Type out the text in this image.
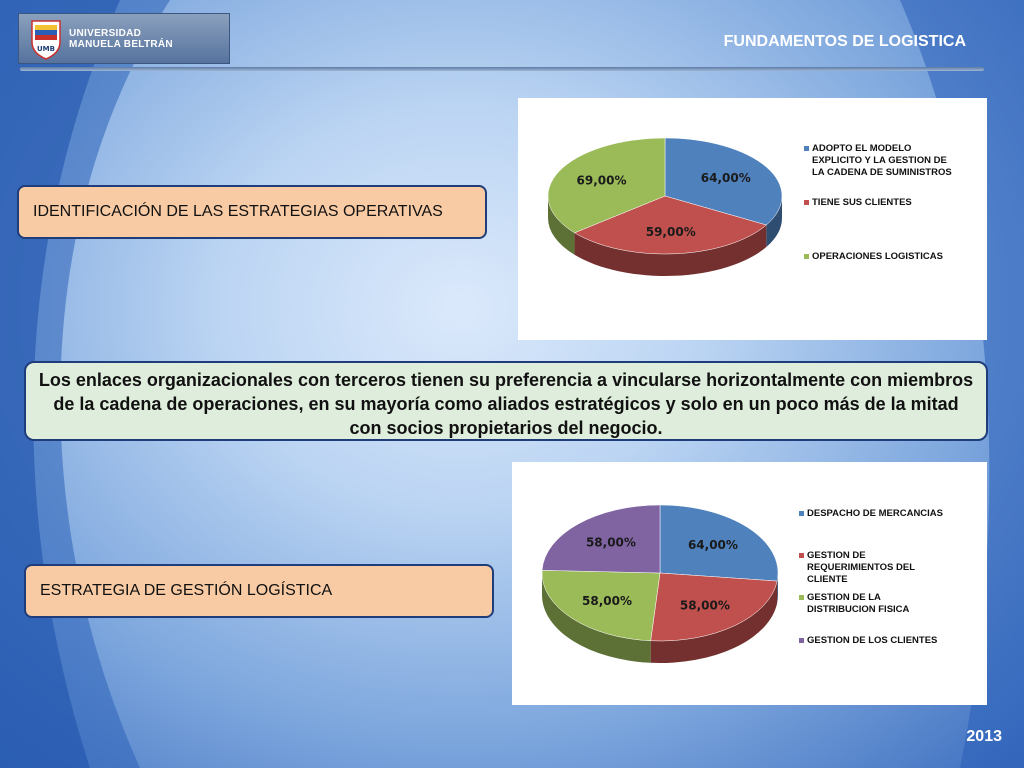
UMB
UNIVERSIDAD
MANUELA BELTRÁN	FUNDAMENTOS DE LOGISTICA
IDENTIFICACIÓN DE LAS ESTRATEGIAS OPERATIVAS
64,00%
59,00%
69,00%
ADOPTO EL MODELO EXPLICITO Y LA GESTION DE LA CADENA DE SUMINISTROS
TIENE SUS CLIENTES
OPERACIONES LOGISTICAS
Los enlaces organizacionales con terceros tienen su preferencia a vincularse horizontalmente con miembros de la cadena de operaciones, en su mayoría como aliados estratégicos y solo en un poco más de la mitad con socios propietarios del negocio.
64,00%
58,00%
58,00%
58,00%
DESPACHO DE MERCANCIAS
GESTION DE REQUERIMIENTOS DEL CLIENTE
GESTION DE LA DISTRIBUCION FISICA
GESTION DE LOS CLIENTES
ESTRATEGIA DE GESTIÓN LOGÍSTICA
2013
